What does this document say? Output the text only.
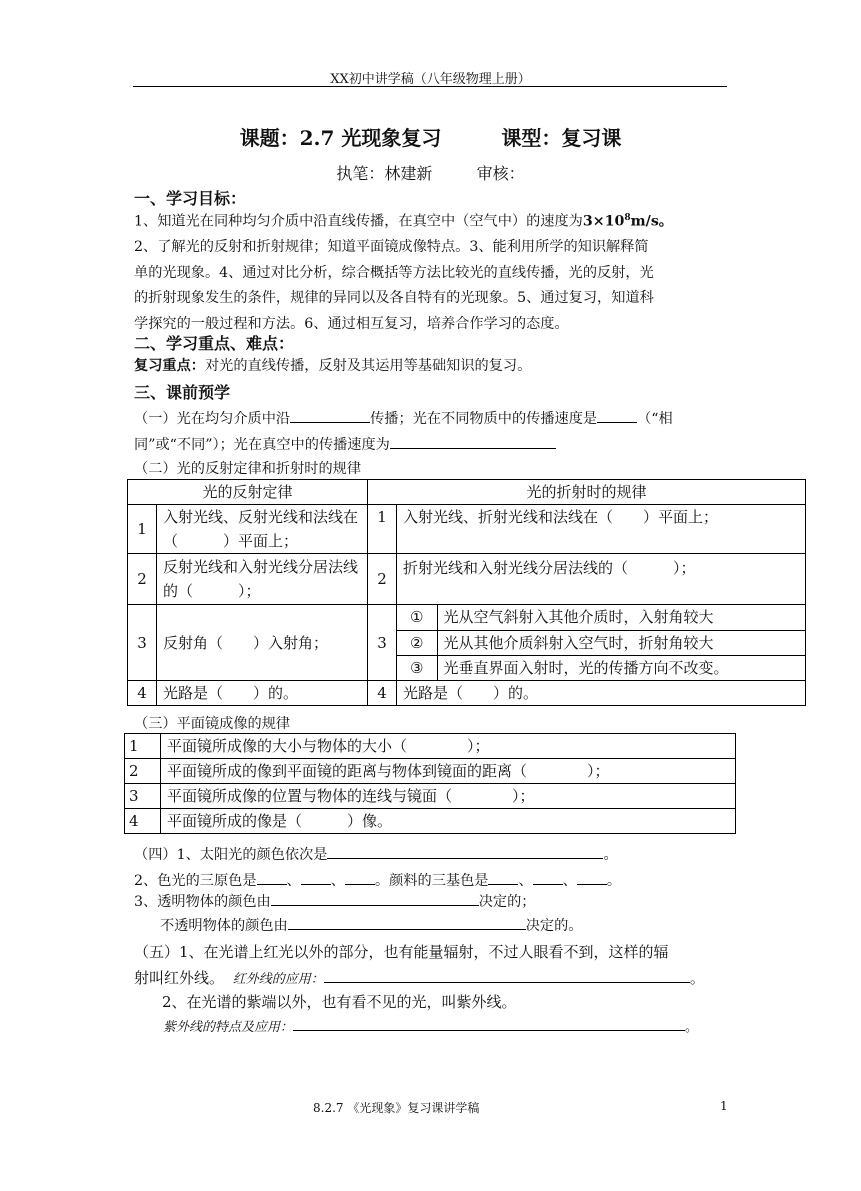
XX初中讲学稿（八年级物理上册）
课题：2.7 光现象复习	课型：复习课
执笔：林建新	审核：
一、学习目标：
1、知道光在同种均匀介质中沿直线传播，在真空中（空气中）的速度为$3\times 10^8m/s$。
2、了解光的反射和折射规律；知道平面镜成像特点。3、能利用所学的知识解释简
单的光现象。4、通过对比分析，综合概括等方法比较光的直线传播，光的反射，光
的折射现象发生的条件，规律的异同以及各自特有的光现象。5、通过复习，知道科
学探究的一般过程和方法。6、通过相互复习，培养合作学习的态度。
二、学习重点、难点：
复习重点：对光的直线传播，反射及其运用等基础知识的复习。
三、课前预学
（一）光在均匀介质中沿	传播；光在不同物质中的传播速度是	（“相
同”或“不同”）；光在真空中的传播速度为
（二）光的反射定律和折射时的规律
光的反射定律	光的折射时的规律
1	入射光线、反射光线和法线在（　　　）平面上；	1	入射光线、折射光线和法线在（　　）平面上；
2	反射光线和入射光线分居法线的（　　　）；	2	折射光线和入射光线分居法线的（　　　）；
3	反射角（　　）入射角；	3	
①	光从空气斜射入其他介质时，入射角较大
②	光从其他介质斜射入空气时，折射角较大
③	光垂直界面入射时，光的传播方向不改变。

4	光路是（　　）的。	4	光路是（　　）的。
（三）平面镜成像的规律
1	平面镜所成像的大小与物体的大小（　　　　）；
2	平面镜所成的像到平面镜的距离与物体到镜面的距离（　　　　）；
3	平面镜所成像的位置与物体的连线与镜面（　　　　）；
4	平面镜所成的像是（　　　）像。
（四）1、太阳光的颜色依次是	。
2、色光的三原色是 、 、 。颜料的三基色是 、 、 。
3、透明物体的颜色由	决定的；
不透明物体的颜色由	决定的。
（五）1、在光谱上红光以外的部分，也有能量辐射，不过人眼看不到，这样的辐
射叫红外线。 红外线的应用：	。
2、在光谱的紫端以外，也有看不见的光，叫紫外线。
紫外线的特点及应用：	。
8.2.7 《光现象》复习课讲学稿	1
